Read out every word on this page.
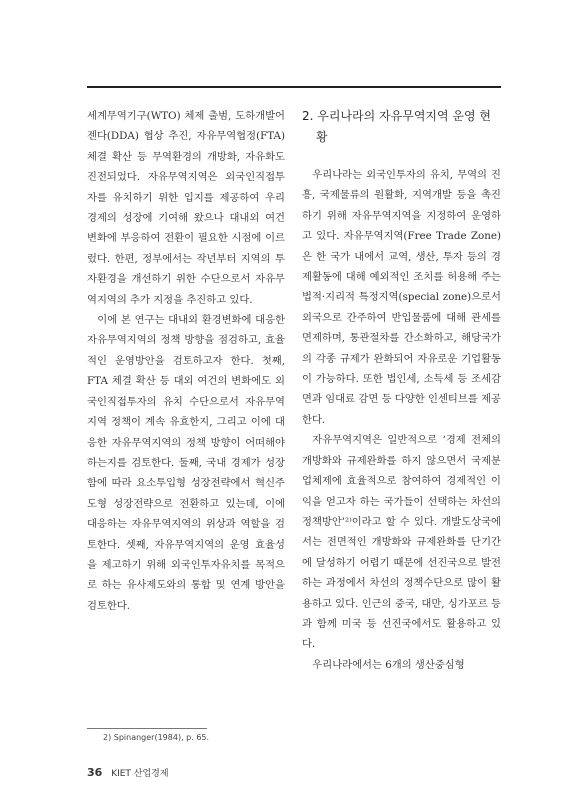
세계무역기구(WTO) 체제 출범, 도하개발어젠다(DDA) 협상 추진, 자유무역협정(FTA) 체결 확산 등 무역환경의 개방화, 자유화도 진전되었다. 자유무역지역은 외국인직접투자를 유치하기 위한 입지를 제공하여 우리 경제의 성장에 기여해 왔으나 대내외 여건 변화에 부응하여 전환이 필요한 시점에 이르렀다. 한편, 정부에서는 작년부터 지역의 투자환경을 개선하기 위한 수단으로서 자유무역지역의 추가 지정을 추진하고 있다.

이에 본 연구는 대내외 환경변화에 대응한 자유무역지역의 정책 방향을 점검하고, 효율적인 운영방안을 검토하고자 한다. 첫째, FTA 체결 확산 등 대외 여건의 변화에도 외국인직접투자의 유치 수단으로서 자유무역지역 정책이 계속 유효한지, 그리고 이에 대응한 자유무역지역의 정책 방향이 어떠해야 하는지를 검토한다. 둘째, 국내 경제가 성장함에 따라 요소투입형 성장전략에서 혁신주도형 성장전략으로 전환하고 있는데, 이에 대응하는 자유무역지역의 위상과 역할을 검토한다. 셋째, 자유무역지역의 운영 효율성을 제고하기 위해 외국인투자유치를 목적으로 하는 유사제도와의 통합 및 연계 방안을 검토한다.

2. 우리나라의 자유무역지역 운영 현황

우리나라는 외국인투자의 유치, 무역의 진흥, 국제물류의 원활화, 지역개발 등을 촉진하기 위해 자유무역지역을 지정하여 운영하고 있다. 자유무역지역(Free Trade Zone)은 한 국가 내에서 교역, 생산, 투자 등의 경제활동에 대해 예외적인 조치를 허용해 주는 법적·지리적 특정지역(special zone)으로서 외국으로 간주하여 반입물품에 대해 관세를 면제하며, 통관절차를 간소화하고, 해당국가의 각종 규제가 완화되어 자유로운 기업활동이 가능하다. 또한 법인세, 소득세 등 조세감면과 임대료 감면 등 다양한 인센티브를 제공한다.

자유무역지역은 일반적으로 ‘경제 전체의 개방화와 규제완화를 하지 않으면서 국제분업체제에 효율적으로 참여하여 경제적인 이익을 얻고자 하는 국가들이 선택하는 차선의 정책방안’²⁾이라고 할 수 있다. 개발도상국에서는 전면적인 개방화와 규제완화를 단기간에 달성하기 어렵기 때문에 선진국으로 발전하는 과정에서 차선의 정책수단으로 많이 활용하고 있다. 인근의 중국, 대만, 싱가포르 등과 함께 미국 등 선진국에서도 활용하고 있다.

우리나라에서는 6개의 생산중심형

2) Spinanger(1984), p. 65.
36 KIET 산업경제
